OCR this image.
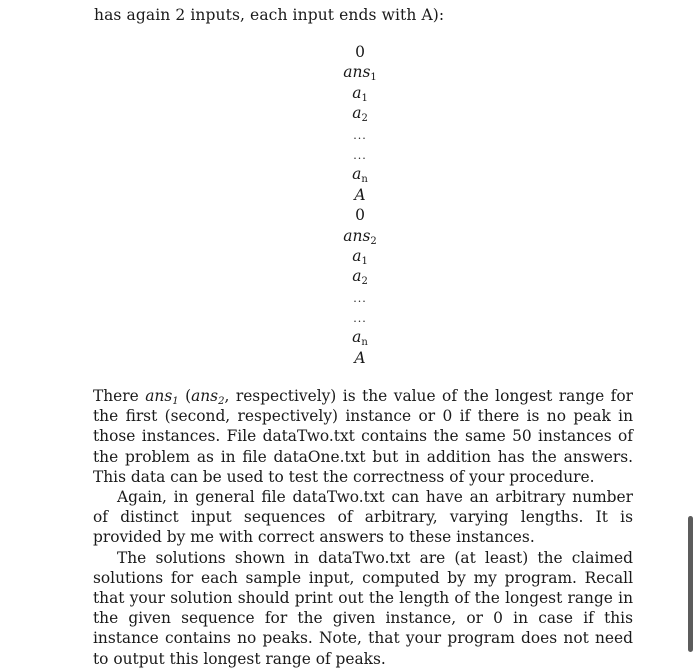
has again 2 inputs, each input ends with A):
0
ans$_1$
$a_1$
$a_2$
...
...
$a_n$
A
0
ans$_2$
$a_1$
$a_2$
...
...
$a_n$
A

There ans$_1$ (ans$_2$, respectively) is the value of the longest range for the first (second, respectively) instance or 0 if there is no peak in those instances. File dataTwo.txt contains the same 50 instances of the problem as in file dataOne.txt but in addition has the answers. This data can be used to test the correctness of your procedure.

Again, in general file dataTwo.txt can have an arbitrary number of distinct input sequences of arbitrary, varying lengths. It is provided by me with correct answers to these instances.

The solutions shown in dataTwo.txt are (at least) the claimed solutions for each sample input, computed by my program. Recall that your solution should print out the length of the longest range in the given sequence for the given instance, or 0 in case if this instance contains no peaks. Note, that your program does not need to output this longest range of peaks.
